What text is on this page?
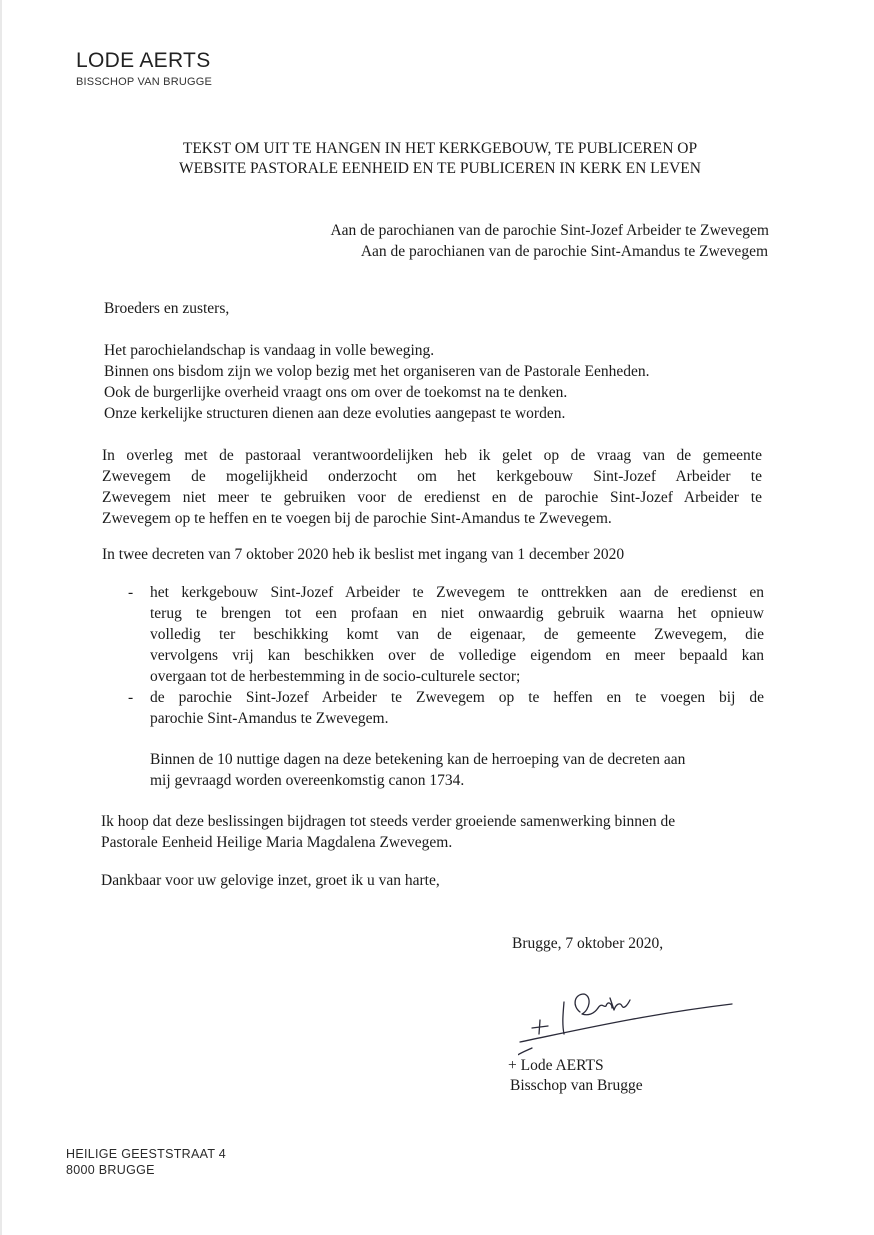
LODE AERTS
BISSCHOP VAN BRUGGE
TEKST OM UIT TE HANGEN IN HET KERKGEBOUW, TE PUBLICEREN OP
WEBSITE PASTORALE EENHEID EN TE PUBLICEREN IN KERK EN LEVEN
Aan de parochianen van de parochie Sint-Jozef Arbeider te Zwevegem
Aan de parochianen van de parochie Sint-Amandus te Zwevegem
Broeders en zusters,
Het parochielandschap is vandaag in volle beweging.
Binnen ons bisdom zijn we volop bezig met het organiseren van de Pastorale Eenheden.
Ook de burgerlijke overheid vraagt ons om over de toekomst na te denken.
Onze kerkelijke structuren dienen aan deze evoluties aangepast te worden.
In overleg met de pastoraal verantwoordelijken heb ik gelet op de vraag van de gemeente
Zwevegem de mogelijkheid onderzocht om het kerkgebouw Sint-Jozef Arbeider te
Zwevegem niet meer te gebruiken voor de eredienst en de parochie Sint-Jozef Arbeider te
Zwevegem op te heffen en te voegen bij de parochie Sint-Amandus te Zwevegem.
In twee decreten van 7 oktober 2020 heb ik beslist met ingang van 1 december 2020
- het kerkgebouw Sint-Jozef Arbeider te Zwevegem te onttrekken aan de eredienst en
terug te brengen tot een profaan en niet onwaardig gebruik waarna het opnieuw
volledig ter beschikking komt van de eigenaar, de gemeente Zwevegem, die
vervolgens vrij kan beschikken over de volledige eigendom en meer bepaald kan
overgaan tot de herbestemming in de socio-culturele sector;
- de parochie Sint-Jozef Arbeider te Zwevegem op te heffen en te voegen bij de
parochie Sint-Amandus te Zwevegem.
Binnen de 10 nuttige dagen na deze betekening kan de herroeping van de decreten aan
mij gevraagd worden overeenkomstig canon 1734.
Ik hoop dat deze beslissingen bijdragen tot steeds verder groeiende samenwerking binnen de
Pastorale Eenheid Heilige Maria Magdalena Zwevegem.
Dankbaar voor uw gelovige inzet, groet ik u van harte,
Brugge, 7 oktober 2020,
+ Lode AERTS
Bisschop van Brugge
HEILIGE GEESTSTRAAT 4
8000 BRUGGE
